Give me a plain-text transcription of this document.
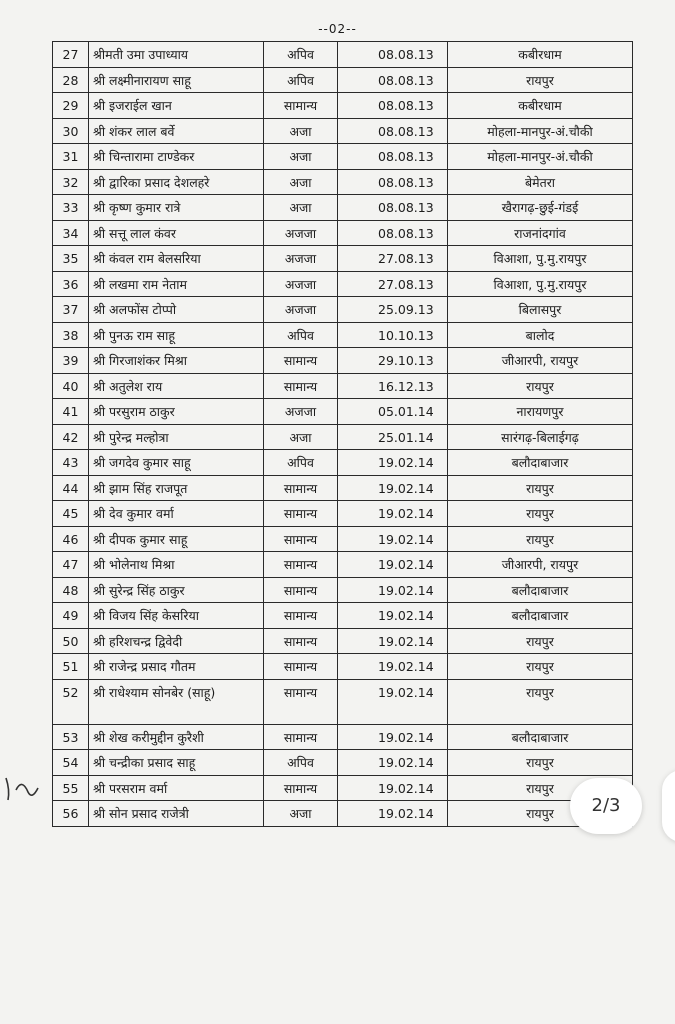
--02--
27	श्रीमती उमा उपाध्याय	अपिव	08.08.13	कबीरधाम
28	श्री लक्ष्मीनारायण साहू	अपिव	08.08.13	रायपुर
29	श्री इजराईल खान	सामान्य	08.08.13	कबीरधाम
30	श्री शंकर लाल बर्वे	अजा	08.08.13	मोहला-मानपुर-अं.चौकी
31	श्री चिन्तारामा टाण्डेकर	अजा	08.08.13	मोहला-मानपुर-अं.चौकी
32	श्री द्वारिका प्रसाद देशलहरे	अजा	08.08.13	बेमेतरा
33	श्री कृष्ण कुमार रात्रे	अजा	08.08.13	खैरागढ़-छुई-गंडई
34	श्री सत्तू लाल कंवर	अजजा	08.08.13	राजनांदगांव
35	श्री कंवल राम बेलसरिया	अजजा	27.08.13	विआशा, पु.मु.रायपुर
36	श्री लखमा राम नेताम	अजजा	27.08.13	विआशा, पु.मु.रायपुर
37	श्री अलफोंस टोप्पो	अजजा	25.09.13	बिलासपुर
38	श्री पुनऊ राम साहू	अपिव	10.10.13	बालोद
39	श्री गिरजाशंकर मिश्रा	सामान्य	29.10.13	जीआरपी, रायपुर
40	श्री अतुलेश राय	सामान्य	16.12.13	रायपुर
41	श्री परसुराम ठाकुर	अजजा	05.01.14	नारायणपुर
42	श्री पुरेन्द्र मल्होत्रा	अजा	25.01.14	सारंगढ़-बिलाईगढ़
43	श्री जगदेव कुमार साहू	अपिव	19.02.14	बलौदाबाजार
44	श्री झाम सिंह राजपूत	सामान्य	19.02.14	रायपुर
45	श्री देव कुमार वर्मा	सामान्य	19.02.14	रायपुर
46	श्री दीपक कुमार साहू	सामान्य	19.02.14	रायपुर
47	श्री भोलेनाथ मिश्रा	सामान्य	19.02.14	जीआरपी, रायपुर
48	श्री सुरेन्द्र सिंह ठाकुर	सामान्य	19.02.14	बलौदाबाजार
49	श्री विजय सिंह केसरिया	सामान्य	19.02.14	बलौदाबाजार
50	श्री हरिशचन्द्र द्विवेदी	सामान्य	19.02.14	रायपुर
51	श्री राजेन्द्र प्रसाद गौतम	सामान्य	19.02.14	रायपुर
52	श्री राधेश्याम सोनबेर (साहू)	सामान्य	19.02.14	रायपुर
53	श्री शेख करीमुद्दीन कुरैशी	सामान्य	19.02.14	बलौदाबाजार
54	श्री चन्द्रीका प्रसाद साहू	अपिव	19.02.14	रायपुर
55	श्री परसराम वर्मा	सामान्य	19.02.14	रायपुर
56	श्री सोन प्रसाद राजेत्री	अजा	19.02.14	रायपुर	2/3
